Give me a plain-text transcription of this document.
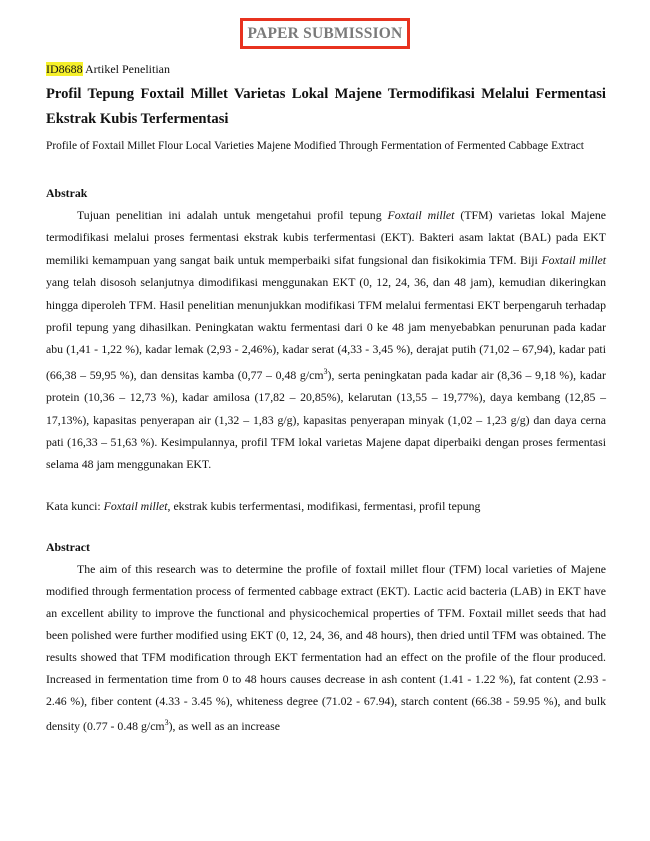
PAPER SUBMISSION
ID8688 Artikel Penelitian
Profil Tepung Foxtail Millet Varietas Lokal Majene Termodifikasi Melalui Fermentasi Ekstrak Kubis Terfermentasi
Profile of Foxtail Millet Flour Local Varieties Majene Modified Through Fermentation of Fermented Cabbage Extract
Abstrak

Tujuan penelitian ini adalah untuk mengetahui profil tepung Foxtail millet (TFM) varietas lokal Majene termodifikasi melalui proses fermentasi ekstrak kubis terfermentasi (EKT). Bakteri asam laktat (BAL) pada EKT memiliki kemampuan yang sangat baik untuk memperbaiki sifat fungsional dan fisikokimia TFM. Biji Foxtail millet yang telah disosoh selanjutnya dimodifikasi menggunakan EKT (0, 12, 24, 36, dan 48 jam), kemudian dikeringkan hingga diperoleh TFM. Hasil penelitian menunjukkan modifikasi TFM melalui fermentasi EKT berpengaruh terhadap profil tepung yang dihasilkan. Peningkatan waktu fermentasi dari 0 ke 48 jam menyebabkan penurunan pada kadar abu (1,41 - 1,22 %), kadar lemak (2,93 - 2,46%), kadar serat (4,33 - 3,45 %), derajat putih (71,02 – 67,94), kadar pati (66,38 – 59,95 %), dan densitas kamba (0,77 – 0,48 $g/cm^3$), serta peningkatan pada kadar air (8,36 – 9,18 %), kadar protein (10,36 – 12,73 %), kadar amilosa (17,82 – 20,85%), kelarutan (13,55 – 19,77%), daya kembang (12,85 – 17,13%), kapasitas penyerapan air (1,32 – 1,83 g/g), kapasitas penyerapan minyak (1,02 – 1,23 g/g) dan daya cerna pati (16,33 – 51,63 %). Kesimpulannya, profil TFM lokal varietas Majene dapat diperbaiki dengan proses fermentasi selama 48 jam menggunakan EKT.

Kata kunci: Foxtail millet, ekstrak kubis terfermentasi, modifikasi, fermentasi, profil tepung
Abstract

The aim of this research was to determine the profile of foxtail millet flour (TFM) local varieties of Majene modified through fermentation process of fermented cabbage extract (EKT). Lactic acid bacteria (LAB) in EKT have an excellent ability to improve the functional and physicochemical properties of TFM. Foxtail millet seeds that had been polished were further modified using EKT (0, 12, 24, 36, and 48 hours), then dried until TFM was obtained. The results showed that TFM modification through EKT fermentation had an effect on the profile of the flour produced. Increased in fermentation time from 0 to 48 hours causes decrease in ash content (1.41 - 1.22 %), fat content (2.93 - 2.46 %), fiber content (4.33 - 3.45 %), whiteness degree (71.02 - 67.94), starch content (66.38 - 59.95 %), and bulk density (0.77 - 0.48 $g/cm^3$), as well as an increase
